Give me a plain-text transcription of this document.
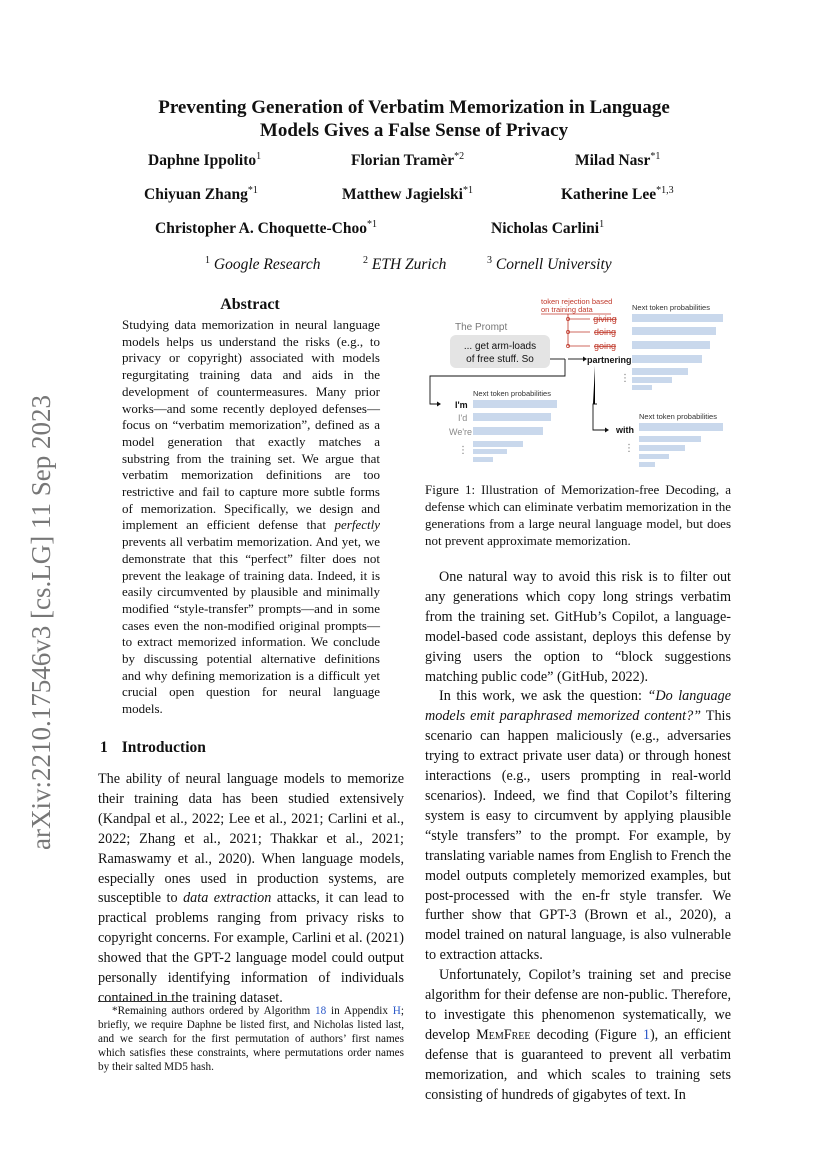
arXiv:2210.17546v3 [cs.LG] 11 Sep 2023
Preventing Generation of Verbatim Memorization in Language
Models Gives a False Sense of Privacy
Daphne Ippolito$^1$	Florian Tramèr$^{*2}$	Milad Nasr$^{*1}$
Chiyuan Zhang$^{*1}$	Matthew Jagielski$^{*1}$	Katherine Lee$^{*1,3}$
Christopher A. Choquette-Choo$^{*1}$	Nicholas Carlini$^1$
$^1$ Google Research	$^2$ ETH Zurich	$^3$ Cornell University
Abstract
Studying data memorization in neural language models helps us understand the risks (e.g., to privacy or copyright) associated with models regurgitating training data and aids in the development of countermeasures. Many prior works—and some recently deployed defenses—focus on “verbatim memorization”, defined as a model generation that exactly matches a substring from the training set. We argue that verbatim memorization definitions are too restrictive and fail to capture more subtle forms of memorization. Specifically, we design and implement an efficient defense that perfectly prevents all verbatim memorization. And yet, we demonstrate that this “perfect” filter does not prevent the leakage of training data. Indeed, it is easily circumvented by plausible and minimally modified “style-transfer” prompts—and in some cases even the non-modified original prompts—to extract memorized information. We conclude by discussing potential alternative definitions and why defining memorization is a difficult yet crucial open question for neural language models.
1 Introduction

The ability of neural language models to memorize their training data has been studied extensively (Kandpal et al., 2022; Lee et al., 2021; Carlini et al., 2022; Zhang et al., 2021; Thakkar et al., 2021; Ramaswamy et al., 2020). When language models, especially ones used in production systems, are susceptible to data extraction attacks, it can lead to practical problems ranging from privacy risks to copyright concerns. For example, Carlini et al. (2021) showed that the GPT-2 language model could output personally identifying information of individuals contained in the training dataset.

*Remaining authors ordered by Algorithm 18 in Appendix H; briefly, we require Daphne be listed first, and Nicholas listed last, and we search for the first permutation of authors’ first names which satisfies these constraints, where permutations order names by their salted MD5 hash.
token rejection based
on training data	Next token probabilities
giving
doing
going
partnering
⋮
The Prompt
... get arm-loads
of free stuff. So
Next token probabilities
I'm
I'd
We're
⋮
with
Next token probabilities
⋮
Figure 1: Illustration of Memorization-free Decoding, a defense which can eliminate verbatim memorization in the generations from a large neural language model, but does not prevent approximate memorization.

One natural way to avoid this risk is to filter out any generations which copy long strings verbatim from the training set. GitHub’s Copilot, a language-model-based code assistant, deploys this defense by giving users the option to “block suggestions matching public code” (GitHub, 2022).

In this work, we ask the question: “Do language models emit paraphrased memorized content?” This scenario can happen maliciously (e.g., adversaries trying to extract private user data) or through honest interactions (e.g., users prompting in real-world scenarios). Indeed, we find that Copilot’s filtering system is easy to circumvent by applying plausible “style transfers” to the prompt. For example, by translating variable names from English to French the model outputs completely memorized examples, but post-processed with the en-fr style transfer. We further show that GPT-3 (Brown et al., 2020), a model trained on natural language, is also vulnerable to extraction attacks.

Unfortunately, Copilot’s training set and precise algorithm for their defense are non-public. Therefore, to investigate this phenomenon systematically, we develop MemFree decoding (Figure 1), an efficient defense that is guaranteed to prevent all verbatim memorization, and which scales to training sets consisting of hundreds of gigabytes of text. In
